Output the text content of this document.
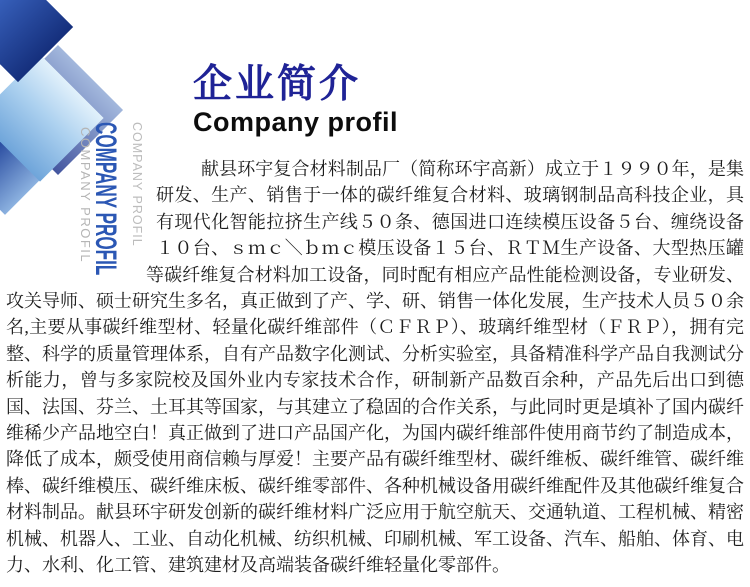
COMPANY PROFIL
COMPANY PROFIL COMPANY PROFIL
企业简介
Company profil

献县环宇复合材料制品厂（简称环宇高新）成立于１９９０年，是集研发、生产、销售于一体的碳纤维复合材料、玻璃钢制品高科技企业，具有现代化智能拉挤生产线５０条、德国进口连续模压设备５台、缠绕设备１０台、ｓｍｃ＼ｂｍｃ模压设备１５台、ＲＴＭ生产设备、大型热压罐等碳纤维复合材料加工设备，同时配有相应产品性能检测设备，专业研发、攻关导师、硕士研究生多名，真正做到了产、学、研、销售一体化发展，生产技术人员５０余名,主要从事碳纤维型材、轻量化碳纤维部件（ＣＦＲＰ）、玻璃纤维型材（ＦＲＰ），拥有完整、科学的质量管理体系，自有产品数字化测试、分析实验室，具备精准科学产品自我测试分析能力，曾与多家院校及国外业内专家技术合作，研制新产品数百余种，产品先后出口到德国、法国、芬兰、土耳其等国家，与其建立了稳固的合作关系，与此同时更是填补了国内碳纤维稀少产品地空白！真正做到了进口产品国产化，为国内碳纤维部件使用商节约了制造成本，降低了成本，颇受使用商信赖与厚爱！主要产品有碳纤维型材、碳纤维板、碳纤维管、碳纤维棒、碳纤维模压、碳纤维床板、碳纤维零部件、各种机械设备用碳纤维配件及其他碳纤维复合材料制品。献县环宇研发创新的碳纤维材料广泛应用于航空航天、交通轨道、工程机械、精密机械、机器人、工业、自动化机械、纺织机械、印刷机械、军工设备、汽车、船舶、体育、电力、水利、化工管、建筑建材及高端装备碳纤维轻量化零部件。
